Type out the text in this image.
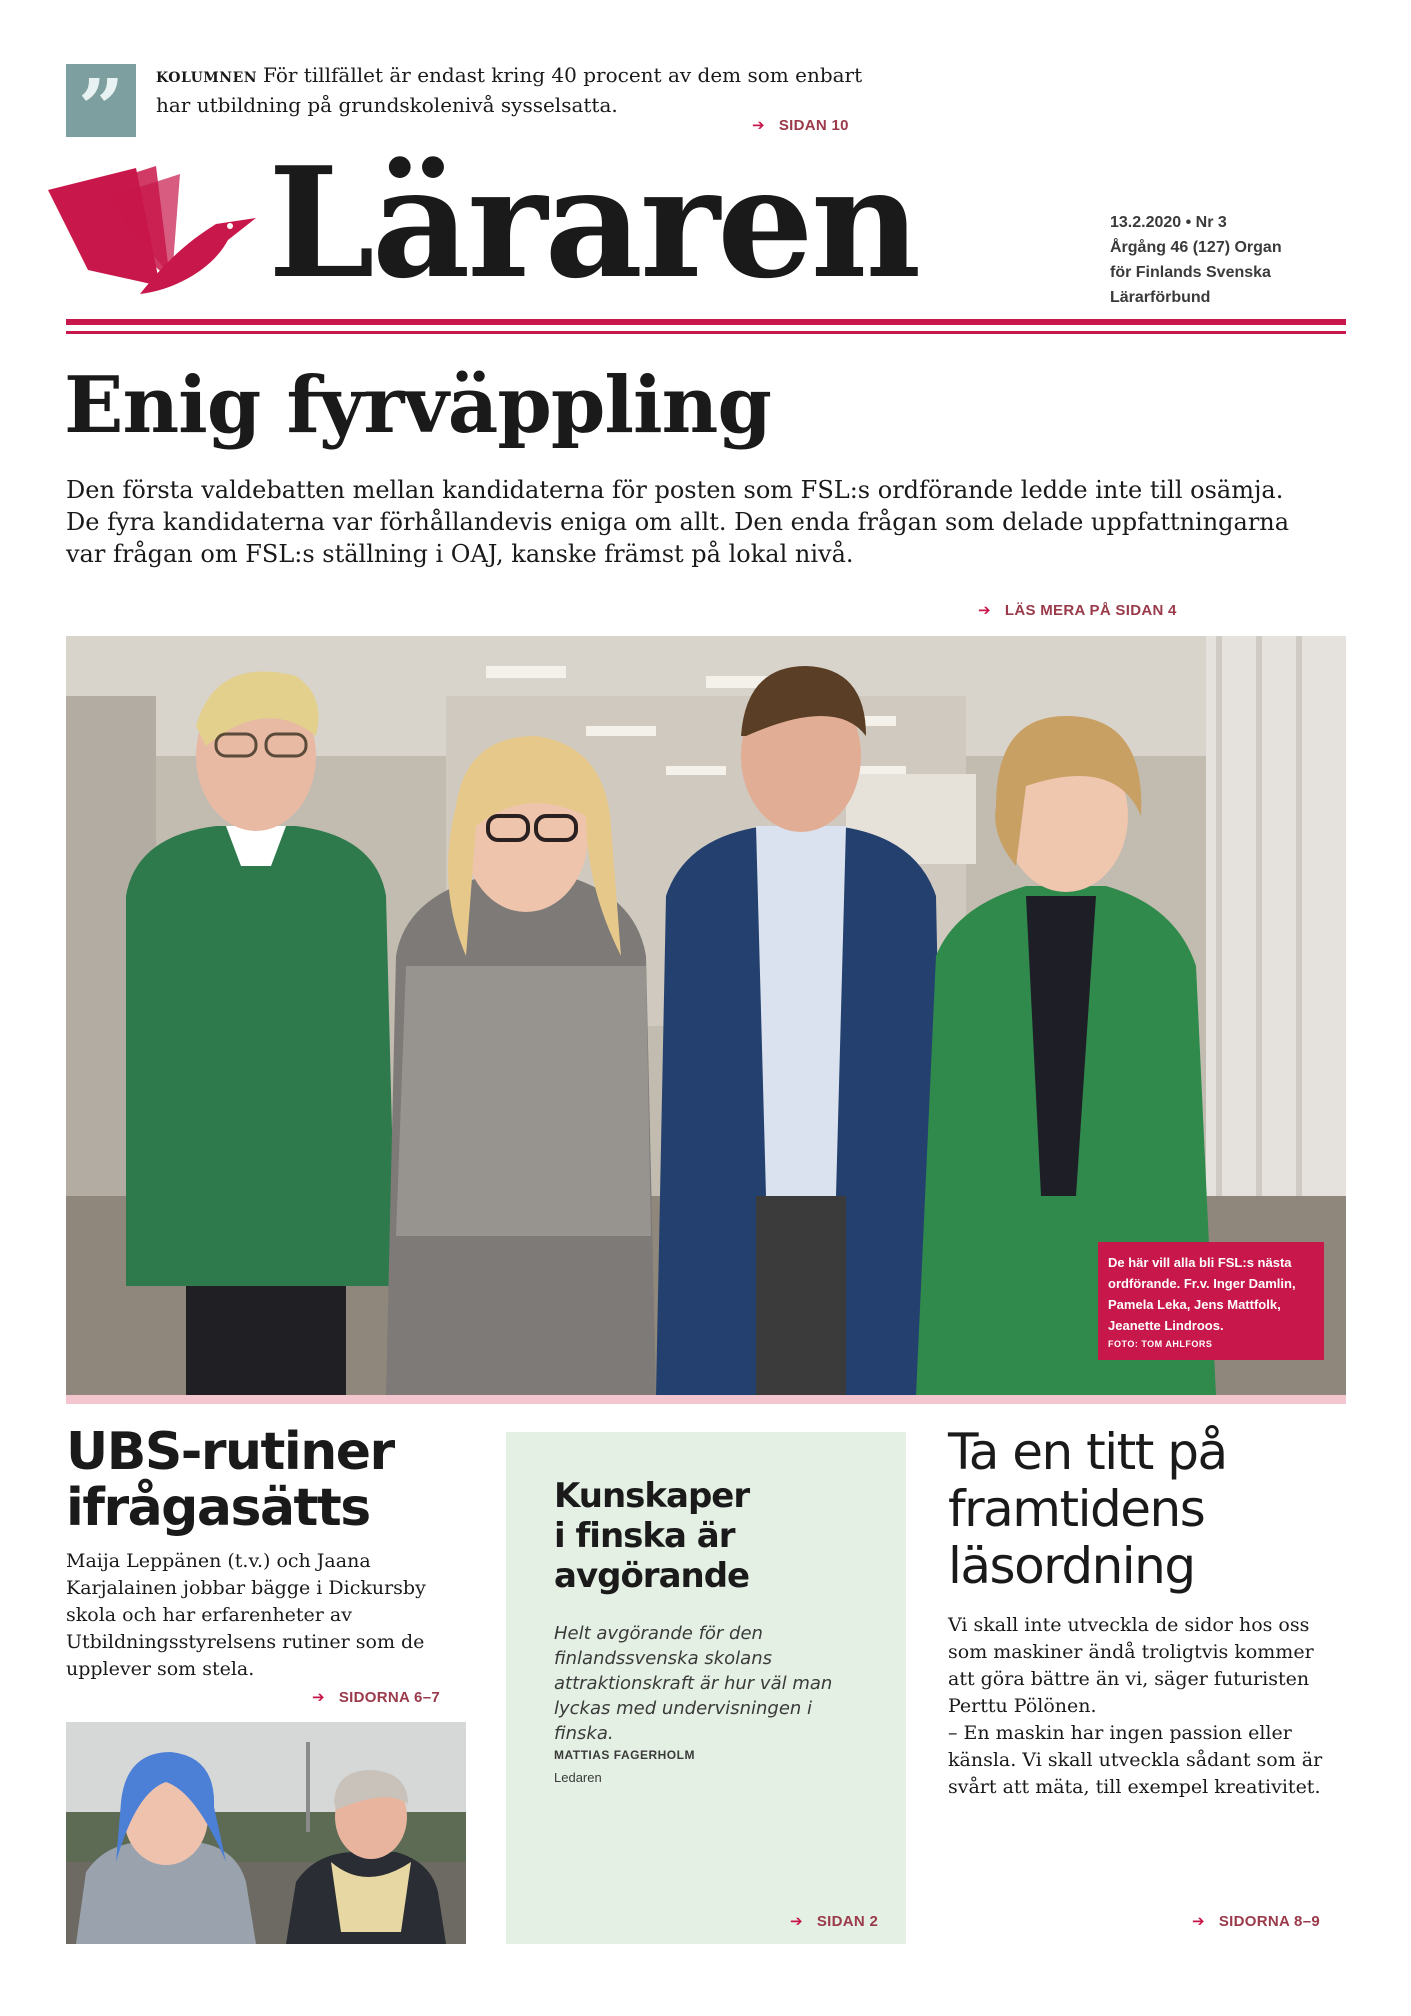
”	KOLUMNEN För tillfället är endast kring 40 procent av dem som enbart har utbildning på grundskolenivå sysselsatta.
➔ SIDAN 10
Läraren	13.2.2020 • Nr 3
Årgång 46 (127) Organ
för Finlands Svenska
Lärarförbund
Enig fyrväppling
Den första valdebatten mellan kandidaterna för posten som FSL:s ordförande ledde inte till osämja. De fyra kandidaterna var förhållandevis eniga om allt. Den enda frågan som delade uppfattningarna var frågan om FSL:s ställning i OAJ, kanske främst på lokal nivå.
➔ LÄS MERA PÅ SIDAN 4
De här vill alla bli FSL:s nästa ordförande. Fr.v. Inger Damlin, Pamela Leka, Jens Mattfolk, Jeanette Lindroos.
FOTO: TOM AHLFORS
UBS-rutiner
ifrågasätts
Maija Leppänen (t.v.) och Jaana Karjalainen jobbar bägge i Dickursby skola och har erfarenheter av Utbildningsstyrelsens rutiner som de upplever som stela.
➔ SIDORNA 6–7
Kunskaper
i finska är
avgörande
Helt avgörande för den finlandssvenska skolans attraktionskraft är hur väl man lyckas med undervisningen i finska.
MATTIAS FAGERHOLM
Ledaren
➔ SIDAN 2
Ta en titt på
framtidens
läsordning
Vi skall inte utveckla de sidor hos oss som maskiner ändå troligtvis kommer att göra bättre än vi, säger futuristen Perttu Pölönen.
– En maskin har ingen passion eller känsla. Vi skall utveckla sådant som är svårt att mäta, till exempel kreativitet.
➔ SIDORNA 8–9
